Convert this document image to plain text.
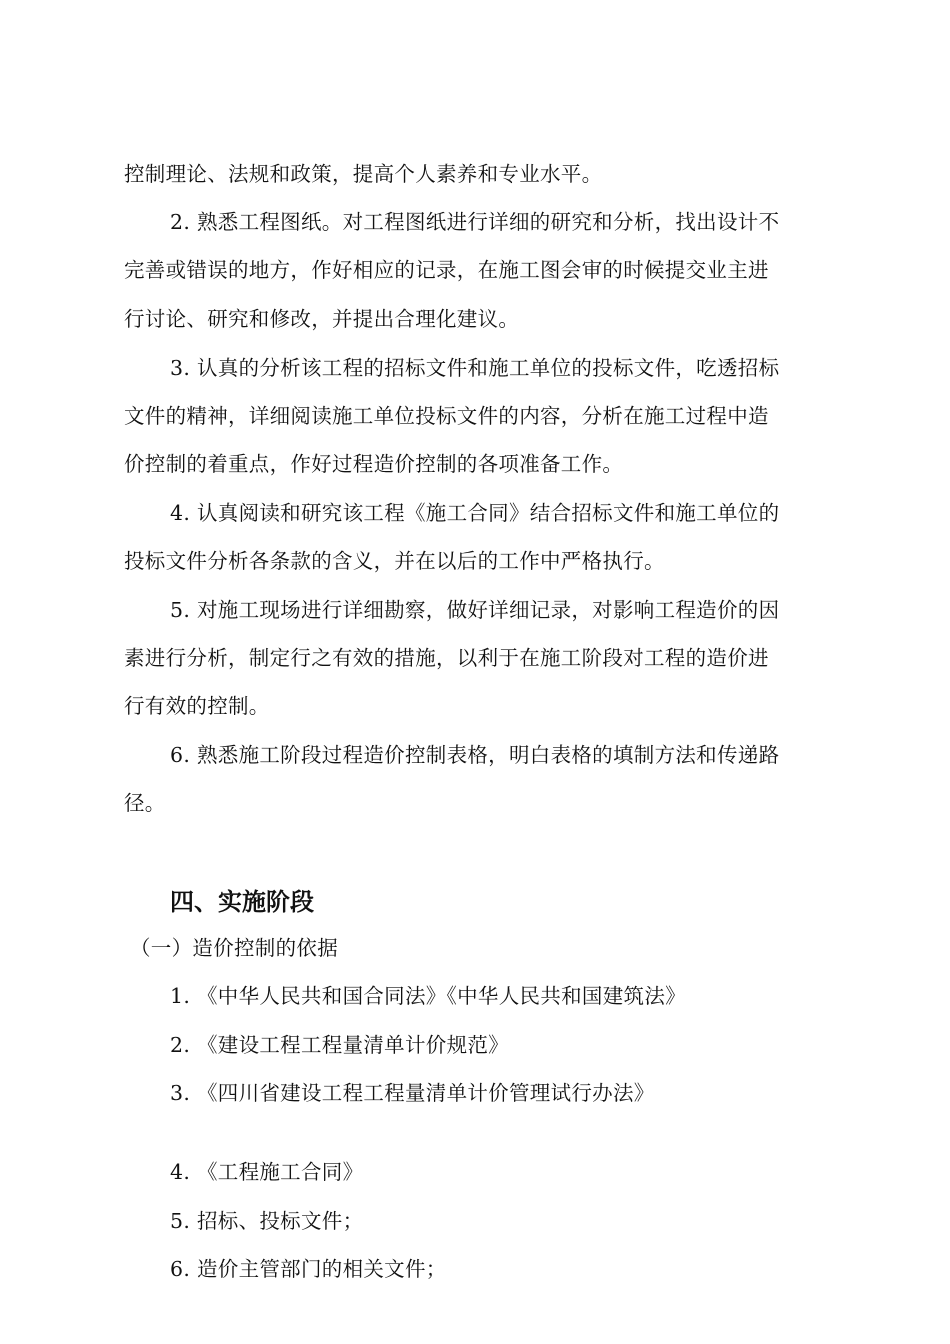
控制理论、法规和政策，提高个人素养和专业水平。
2. 熟悉工程图纸。对工程图纸进行详细的研究和分析，找出设计不
完善或错误的地方，作好相应的记录，在施工图会审的时候提交业主进
行讨论、研究和修改，并提出合理化建议。
3. 认真的分析该工程的招标文件和施工单位的投标文件，吃透招标
文件的精神，详细阅读施工单位投标文件的内容，分析在施工过程中造
价控制的着重点，作好过程造价控制的各项准备工作。
4. 认真阅读和研究该工程《施工合同》结合招标文件和施工单位的
投标文件分析各条款的含义，并在以后的工作中严格执行。
5. 对施工现场进行详细勘察，做好详细记录，对影响工程造价的因
素进行分析，制定行之有效的措施，以利于在施工阶段对工程的造价进
行有效的控制。
6. 熟悉施工阶段过程造价控制表格，明白表格的填制方法和传递路
径。
四、实施阶段
（一）造价控制的依据
1. 《中华人民共和国合同法》《中华人民共和国建筑法》
2. 《建设工程工程量清单计价规范》
3. 《四川省建设工程工程量清单计价管理试行办法》
4. 《工程施工合同》
5. 招标、投标文件；
6. 造价主管部门的相关文件；
